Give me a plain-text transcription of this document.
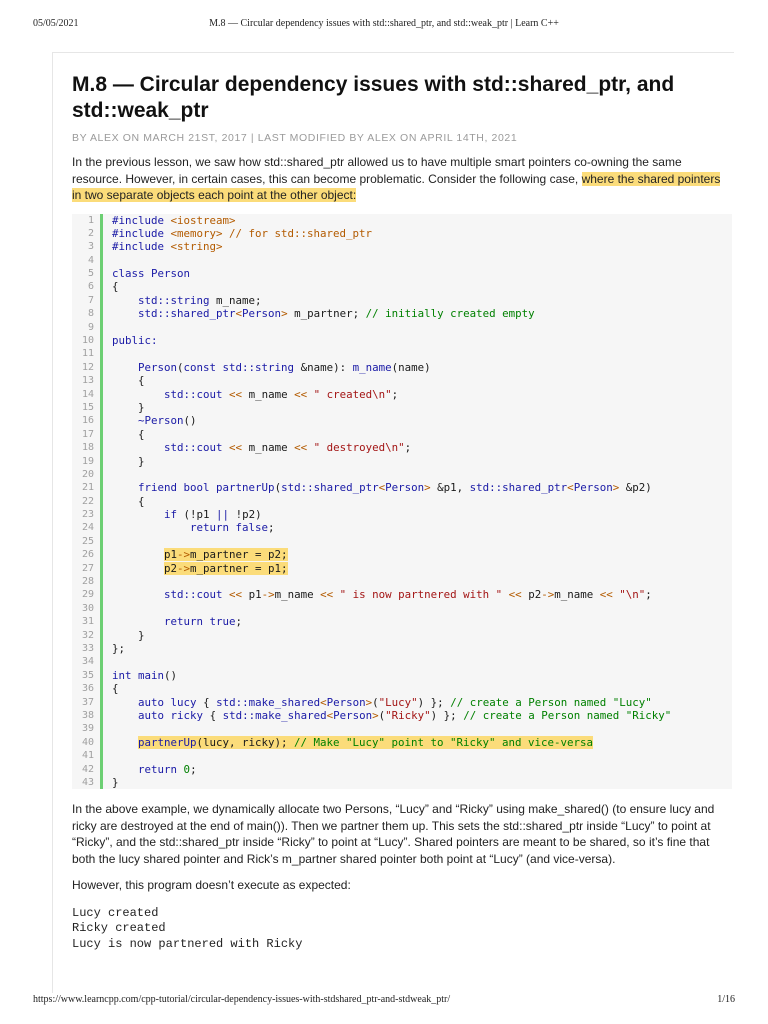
05/05/2021	M.8 — Circular dependency issues with std::shared_ptr, and std::weak_ptr | Learn C++
M.8 — Circular dependency issues with std::shared_ptr, and
std::weak_ptr
BY ALEX ON MARCH 21ST, 2017 | LAST MODIFIED BY ALEX ON APRIL 14TH, 2021

In the previous lesson, we saw how std::shared_ptr allowed us to have multiple smart pointers co-owning the same resource. However, in certain cases, this can become problematic. Consider the following case, where the shared pointers in two separate objects each point at the other object:

1	#include <iostream>
2	#include <memory> // for std::shared_ptr
3	#include <string>
4
5	class Person
6	{
7	std::string m_name;
8	std::shared_ptr<Person> m_partner; // initially created empty
9
10	public:
11
12	Person(const std::string &name): m_name(name)
13	{
14	std::cout << m_name << " created\n";
15	}
16	~Person()
17	{
18	std::cout << m_name << " destroyed\n";
19	}
20
21	friend bool partnerUp(std::shared_ptr<Person> &p1, std::shared_ptr<Person> &p2)
22	{
23	if (!p1 || !p2)
24	return false;
25
26	p1->m_partner = p2;
27	p2->m_partner = p1;
28
29	std::cout << p1->m_name << " is now partnered with " << p2->m_name << "\n";
30
31	return true;
32	}
33	};
34
35	int main()
36	{
37	auto lucy { std::make_shared<Person>("Lucy") }; // create a Person named "Lucy"
38	auto ricky { std::make_shared<Person>("Ricky") }; // create a Person named "Ricky"
39
40	partnerUp(lucy, ricky); // Make "Lucy" point to "Ricky" and vice-versa
41
42	return 0;
43	}

In the above example, we dynamically allocate two Persons, “Lucy” and “Ricky” using make_shared() (to ensure lucy and ricky are destroyed at the end of main()). Then we partner them up. This sets the std::shared_ptr inside “Lucy” to point at “Ricky”, and the std::shared_ptr inside “Ricky” to point at “Lucy”. Shared pointers are meant to be shared, so it’s fine that both the lucy shared pointer and Rick’s m_partner shared pointer both point at “Lucy” (and vice-versa).

However, this program doesn’t execute as expected:

Lucy created
Ricky created
Lucy is now partnered with Ricky
https://www.learncpp.com/cpp-tutorial/circular-dependency-issues-with-stdshared_ptr-and-stdweak_ptr/	1/16
